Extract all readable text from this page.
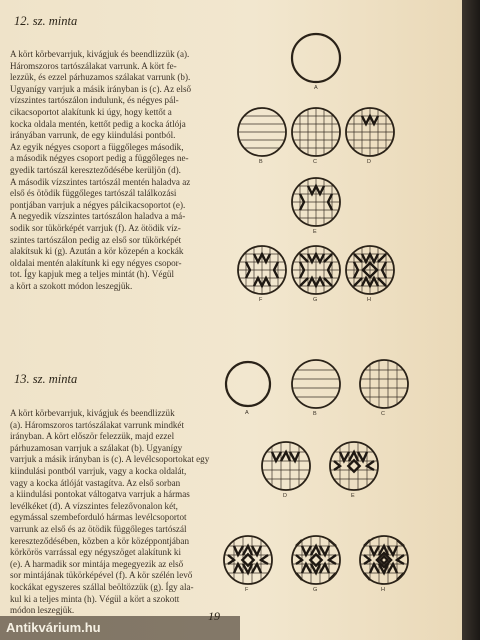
12. sz. minta
A kört körbevarrjuk, kivágjuk és beendlizzük (a).
Háromszoros tartószálakat varrunk. A kört fe-
lezzük, és ezzel párhuzamos szálakat varrunk (b).
Ugyanígy varrjuk a másik irányban is (c). Az első
vízszintes tartószálon indulunk, és négyes pál-
cikacsoportot alakítunk ki úgy, hogy kettőt a
kocka oldala mentén, kettőt pedig a kocka átlója
irányában varrunk, de egy kiindulási pontból.
Az egyik négyes csoport a függőleges második,
a második négyes csoport pedig a függőleges ne-
gyedik tartószál kereszteződésébe kerüljön (d).
A második vízszintes tartószál mentén haladva az
első és ötödik függőleges tartószál találkozási
pontjában varrjuk a négyes pálcikacsoportot (e).
A negyedik vízszintes tartószálon haladva a má-
sodik sor tükörképét varrjuk (f). Az ötödik víz-
szintes tartószálon pedig az első sor tükörképét
alakítsuk ki (g). Azután a kör közepén a kockák
oldalai mentén alakítunk ki egy négyes csopor-
tot. Így kapjuk meg a teljes mintát (h). Végül
a kört a szokott módon leszegjük.
13. sz. minta
A kört körbevarrjuk, kivágjuk és beendlizzük
(a). Háromszoros tartószálakat varrunk mindkét
irányban. A kört először felezzük, majd ezzel
párhuzamosan varrjuk a szálakat (b). Ugyanígy
varrjuk a másik irányban is (c). A levélcsoportokat egy
kiindulási pontból varrjuk, vagy a kocka oldalát,
vagy a kocka átlóját vastagítva. Az első sorban
a kiindulási pontokat váltogatva varrjuk a hármas
levélkéket (d). A vízszintes felezővonalon két,
egymással szembeforduló hármas levélcsoportot
varrunk az első és az ötödik függőleges tartószál
kereszteződésében, közben a kör középpontjában
körkörös varrással egy négyszöget alakítunk ki
(e). A harmadik sor mintája megegyezik az első
sor mintájának tükörképével (f). A kör szélén levő
kockákat egyszeres szállal beöltözzük (g). Így ala-
kul ki a teljes minta (h). Végül a kört a szokott
módon leszegjük.
A
B	C	D
E
F	G	H
A	B	C
D	E
F	G	H
Antikvárium.hu
